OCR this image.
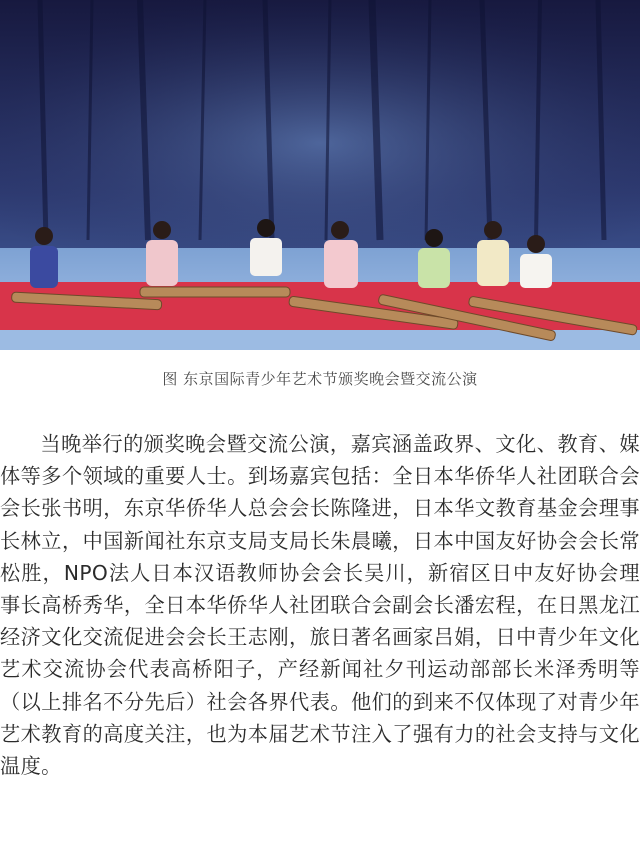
图 东京国际青少年艺术节颁奖晚会暨交流公演

当晚举行的颁奖晚会暨交流公演，嘉宾涵盖政界、文化、教育、媒体等多个领域的重要人士。到场嘉宾包括：全日本华侨华人社团联合会会长张书明，东京华侨华人总会会长陈隆进，日本华文教育基金会理事长林立，中国新闻社东京支局支局长朱晨曦，日本中国友好协会会长常松胜，NPO法人日本汉语教师协会会长吴川，新宿区日中友好协会理事长高桥秀华，全日本华侨华人社团联合会副会长潘宏程，在日黑龙江经济文化交流促进会会长王志刚，旅日著名画家吕娟，日中青少年文化艺术交流协会代表高桥阳子，产经新闻社夕刊运动部部长米泽秀明等（以上排名不分先后）社会各界代表。他们的到来不仅体现了对青少年艺术教育的高度关注，也为本届艺术节注入了强有力的社会支持与文化温度。
